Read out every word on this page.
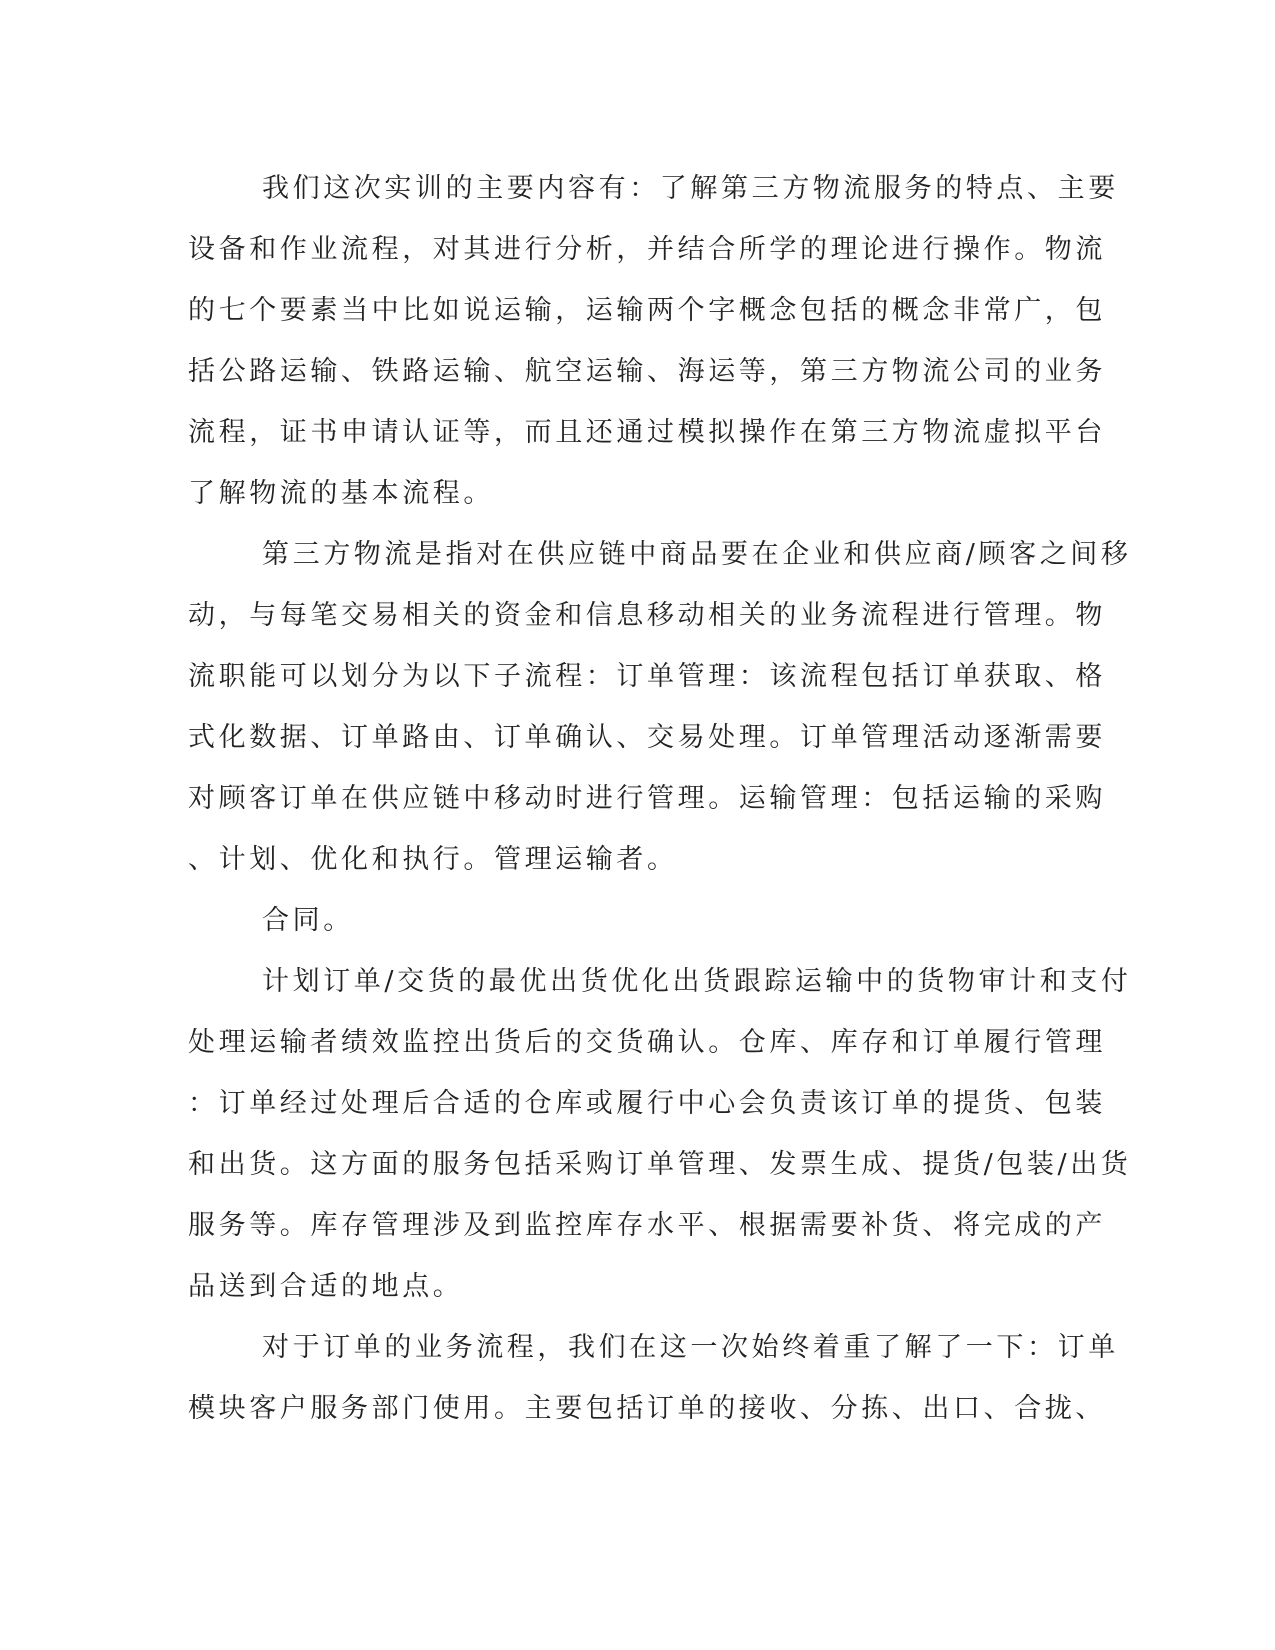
我们这次实训的主要内容有：了解第三方物流服务的特点、主要
设备和作业流程，对其进行分析，并结合所学的理论进行操作。物流
的七个要素当中比如说运输，运输两个字概念包括的概念非常广，包
括公路运输、铁路运输、航空运输、海运等，第三方物流公司的业务
流程，证书申请认证等，而且还通过模拟操作在第三方物流虚拟平台
了解物流的基本流程。
第三方物流是指对在供应链中商品要在企业和供应商/顾客之间移
动，与每笔交易相关的资金和信息移动相关的业务流程进行管理。物
流职能可以划分为以下子流程：订单管理：该流程包括订单获取、格
式化数据、订单路由、订单确认、交易处理。订单管理活动逐渐需要
对顾客订单在供应链中移动时进行管理。运输管理：包括运输的采购
、计划、优化和执行。管理运输者。
合同。
计划订单/交货的最优出货优化出货跟踪运输中的货物审计和支付
处理运输者绩效监控出货后的交货确认。仓库、库存和订单履行管理
：订单经过处理后合适的仓库或履行中心会负责该订单的提货、包装
和出货。这方面的服务包括采购订单管理、发票生成、提货/包装/出货
服务等。库存管理涉及到监控库存水平、根据需要补货、将完成的产
品送到合适的地点。
对于订单的业务流程，我们在这一次始终着重了解了一下：订单
模块客户服务部门使用。主要包括订单的接收、分拣、出口、合拢、
